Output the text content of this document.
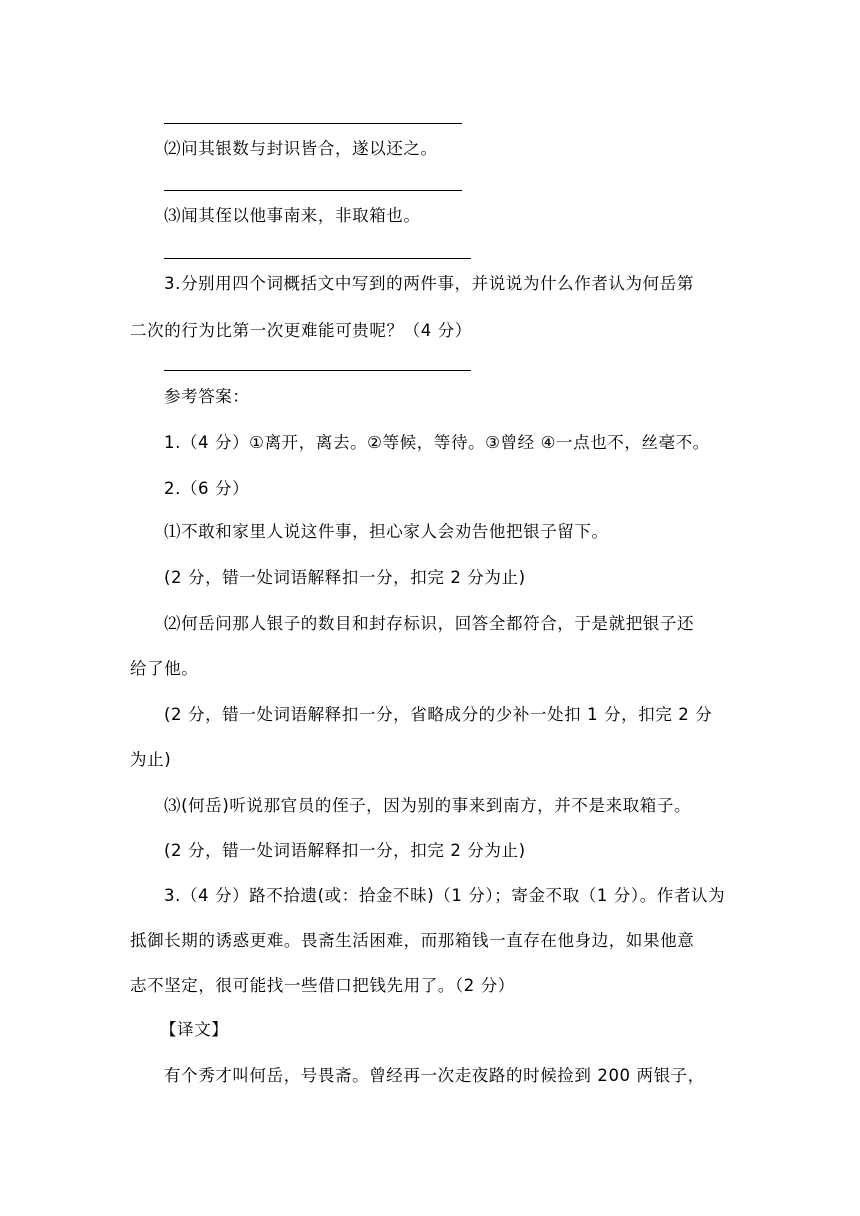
⑵问其银数与封识皆合，遂以还之。
⑶闻其侄以他事南来，非取箱也。
3.分别用四个词概括文中写到的两件事，并说说为什么作者认为何岳第
二次的行为比第一次更难能可贵呢？（4 分）
参考答案：
1.（4 分）①离开，离去。②等候，等待。③曾经 ④一点也不，丝毫不。
2.（6 分）
⑴不敢和家里人说这件事，担心家人会劝告他把银子留下。
(2 分，错一处词语解释扣一分，扣完 2 分为止)
⑵何岳问那人银子的数目和封存标识，回答全都符合，于是就把银子还
给了他。
(2 分，错一处词语解释扣一分，省略成分的少补一处扣 1 分，扣完 2 分
为止)
⑶(何岳)听说那官员的侄子，因为别的事来到南方，并不是来取箱子。
(2 分，错一处词语解释扣一分，扣完 2 分为止)
3.（4 分）路不拾遗(或：拾金不昧)（1 分）；寄金不取（1 分）。作者认为
抵御长期的诱惑更难。畏斋生活困难，而那箱钱一直存在他身边，如果他意
志不坚定，很可能找一些借口把钱先用了。（2 分）
【译文】
有个秀才叫何岳，号畏斋。曾经再一次走夜路的时候捡到 200 两银子，
